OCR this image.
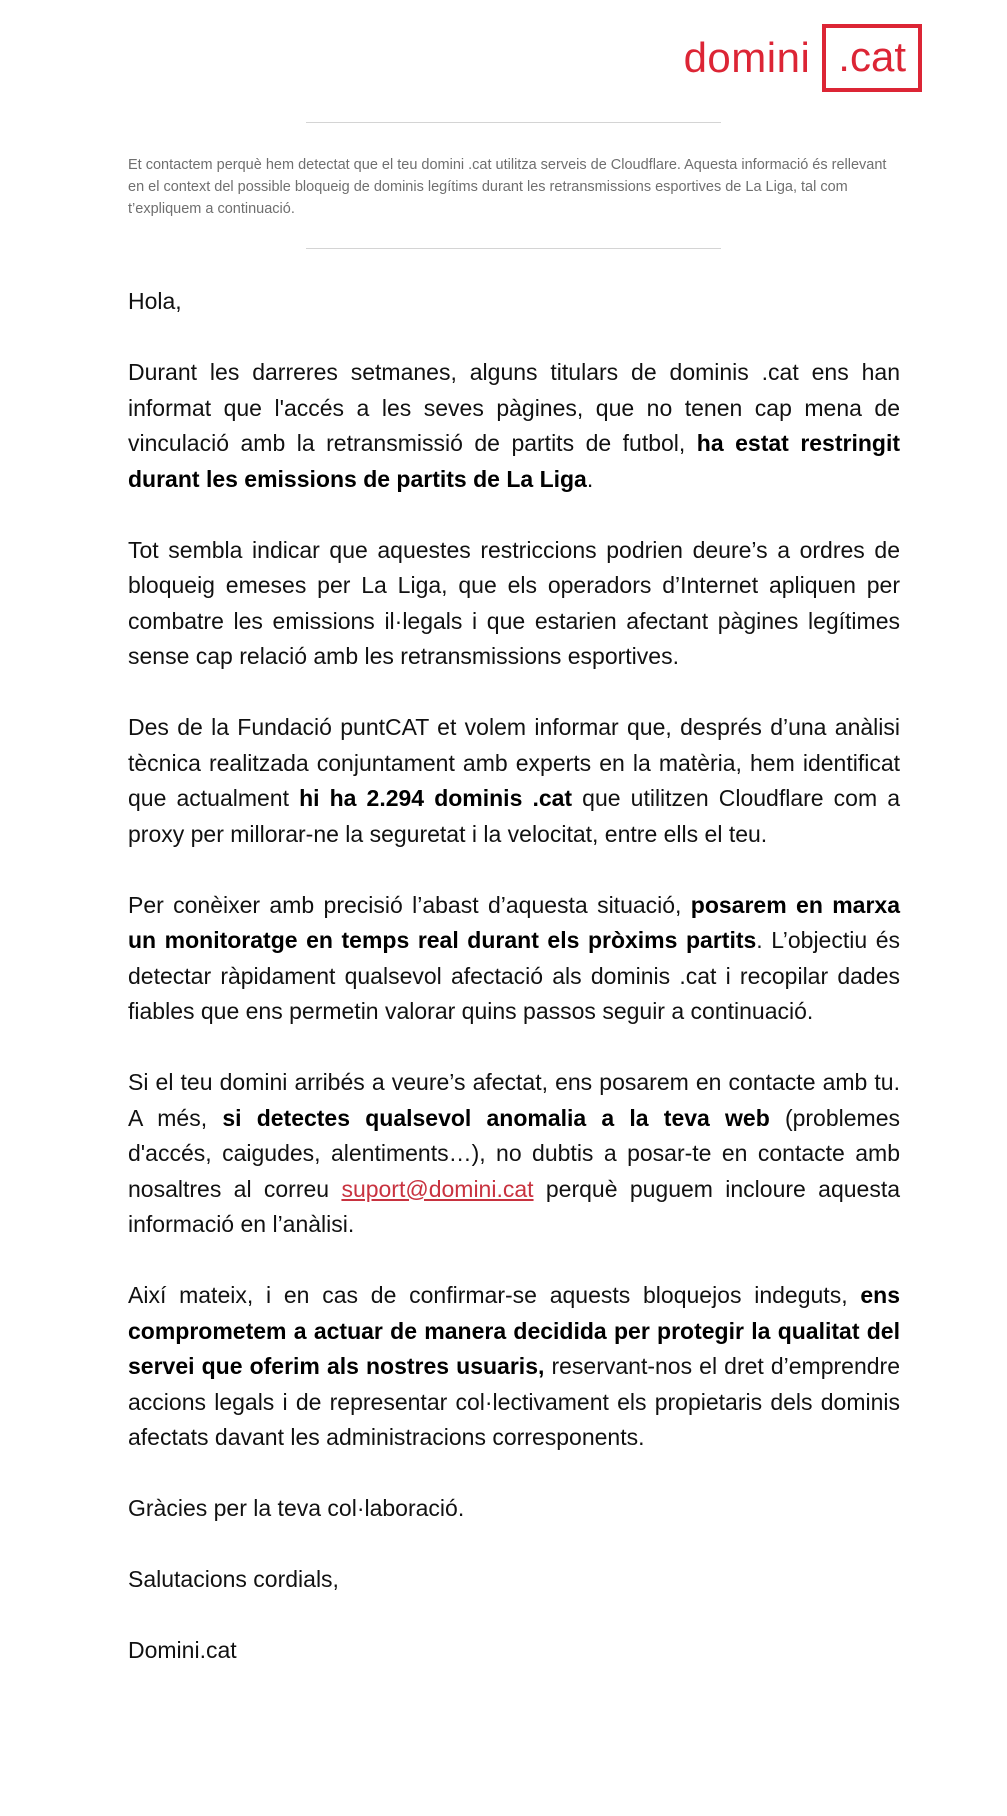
domini .cat
Et contactem perquè hem detectat que el teu domini .cat utilitza serveis de Cloudflare. Aquesta informació és rellevant en el context del possible bloqueig de dominis legítims durant les retransmissions esportives de La Liga, tal com t’expliquem a continuació.

Hola,

Durant les darreres setmanes, alguns titulars de dominis .cat ens han informat que l'accés a les seves pàgines, que no tenen cap mena de vinculació amb la retransmissió de partits de futbol, ha estat restringit durant les emissions de partits de La Liga.

Tot sembla indicar que aquestes restriccions podrien deure’s a ordres de bloqueig emeses per La Liga, que els operadors d’Internet apliquen per combatre les emissions il·legals i que estarien afectant pàgines legítimes sense cap relació amb les retransmissions esportives.

Des de la Fundació puntCAT et volem informar que, després d’una anàlisi tècnica realitzada conjuntament amb experts en la matèria, hem identificat que actualment hi ha 2.294 dominis .cat que utilitzen Cloudflare com a proxy per millorar-ne la seguretat i la velocitat, entre ells el teu.

Per conèixer amb precisió l’abast d’aquesta situació, posarem en marxa un monitoratge en temps real durant els pròxims partits. L’objectiu és detectar ràpidament qualsevol afectació als dominis .cat i recopilar dades fiables que ens permetin valorar quins passos seguir a continuació.

Si el teu domini arribés a veure’s afectat, ens posarem en contacte amb tu. A més, si detectes qualsevol anomalia a la teva web (problemes d'accés, caigudes, alentiments…), no dubtis a posar-te en contacte amb nosaltres al correu suport@domini.cat perquè puguem incloure aquesta informació en l’anàlisi.

Així mateix, i en cas de confirmar-se aquests bloquejos indeguts, ens comprometem a actuar de manera decidida per protegir la qualitat del servei que oferim als nostres usuaris, reservant-nos el dret d’emprendre accions legals i de representar col·lectivament els propietaris dels dominis afectats davant les administracions corresponents.

Gràcies per la teva col·laboració.

Salutacions cordials,

Domini.cat
